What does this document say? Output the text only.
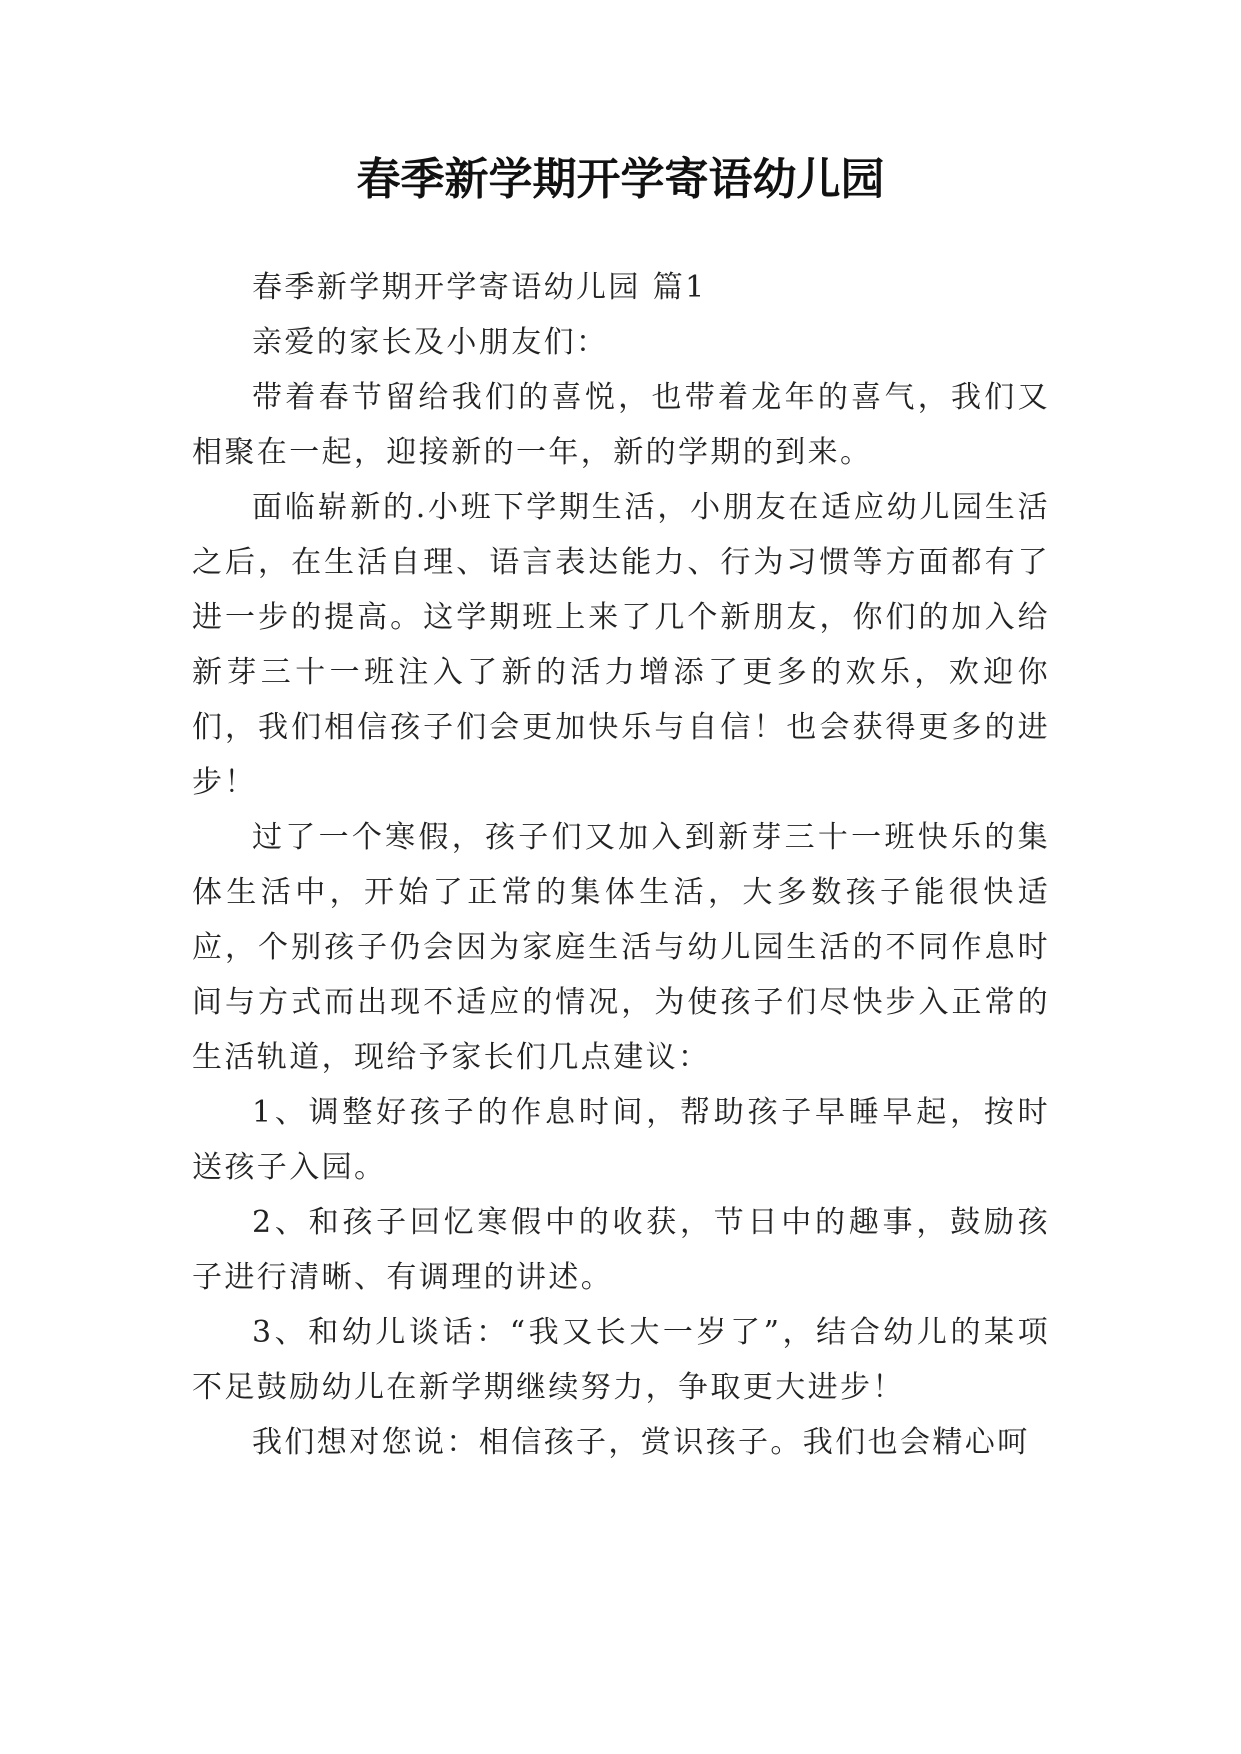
春季新学期开学寄语幼儿园

春季新学期开学寄语幼儿园 篇1

亲爱的家长及小朋友们：

带着春节留给我们的喜悦，也带着龙年的喜气，我们又相聚在一起，迎接新的一年，新的学期的到来。

面临崭新的.小班下学期生活，小朋友在适应幼儿园生活之后，在生活自理、语言表达能力、行为习惯等方面都有了进一步的提高。这学期班上来了几个新朋友，你们的加入给新芽三十一班注入了新的活力增添了更多的欢乐，欢迎你们，我们相信孩子们会更加快乐与自信！也会获得更多的进步！

过了一个寒假，孩子们又加入到新芽三十一班快乐的集体生活中，开始了正常的集体生活，大多数孩子能很快适应，个别孩子仍会因为家庭生活与幼儿园生活的不同作息时间与方式而出现不适应的情况，为使孩子们尽快步入正常的生活轨道，现给予家长们几点建议：

1、调整好孩子的作息时间，帮助孩子早睡早起，按时送孩子入园。

2、和孩子回忆寒假中的收获，节日中的趣事，鼓励孩子进行清晰、有调理的讲述。

3、和幼儿谈话：“我又长大一岁了”，结合幼儿的某项不足鼓励幼儿在新学期继续努力，争取更大进步！

我们想对您说：相信孩子，赏识孩子。我们也会精心呵
